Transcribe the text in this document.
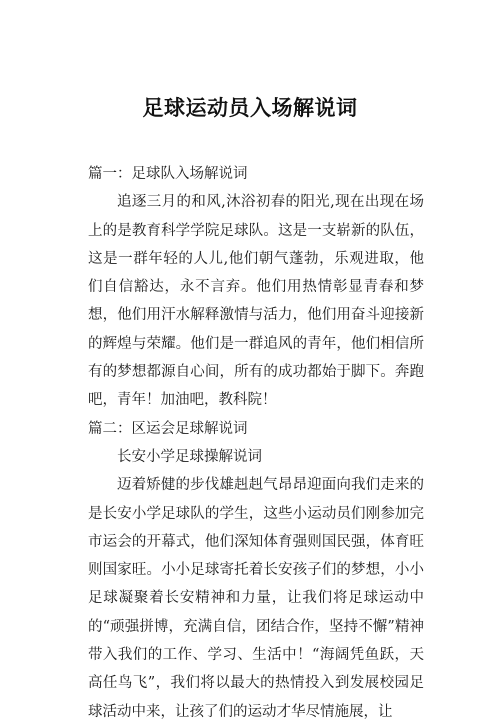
足球运动员入场解说词

篇一：足球队入场解说词

追逐三月的和风,沐浴初春的阳光,现在出现在场上的是教育科学学院足球队。这是一支崭新的队伍，这是一群年轻的人儿,他们朝气蓬勃，乐观进取，他们自信豁达，永不言弃。他们用热情彰显青春和梦想，他们用汗水解释激情与活力，他们用奋斗迎接新的辉煌与荣耀。他们是一群追风的青年，他们相信所有的梦想都源自心间，所有的成功都始于脚下。奔跑吧，青年！加油吧，教科院！

篇二：区运会足球解说词

长安小学足球操解说词

迈着矫健的步伐雄赳赳气昂昂迎面向我们走来的是长安小学足球队的学生，这些小运动员们刚参加完市运会的开幕式，他们深知体育强则国民强，体育旺则国家旺。小小足球寄托着长安孩子们的梦想，小小足球凝聚着长安精神和力量，让我们将足球运动中的“顽强拼博，充满自信，团结合作，坚持不懈”精神带入我们的工作、学习、生活中！“海阔凭鱼跃，天高任鸟飞”，我们将以最大的热情投入到发展校园足球活动中来，让孩了们的运动才华尽情施展，让
